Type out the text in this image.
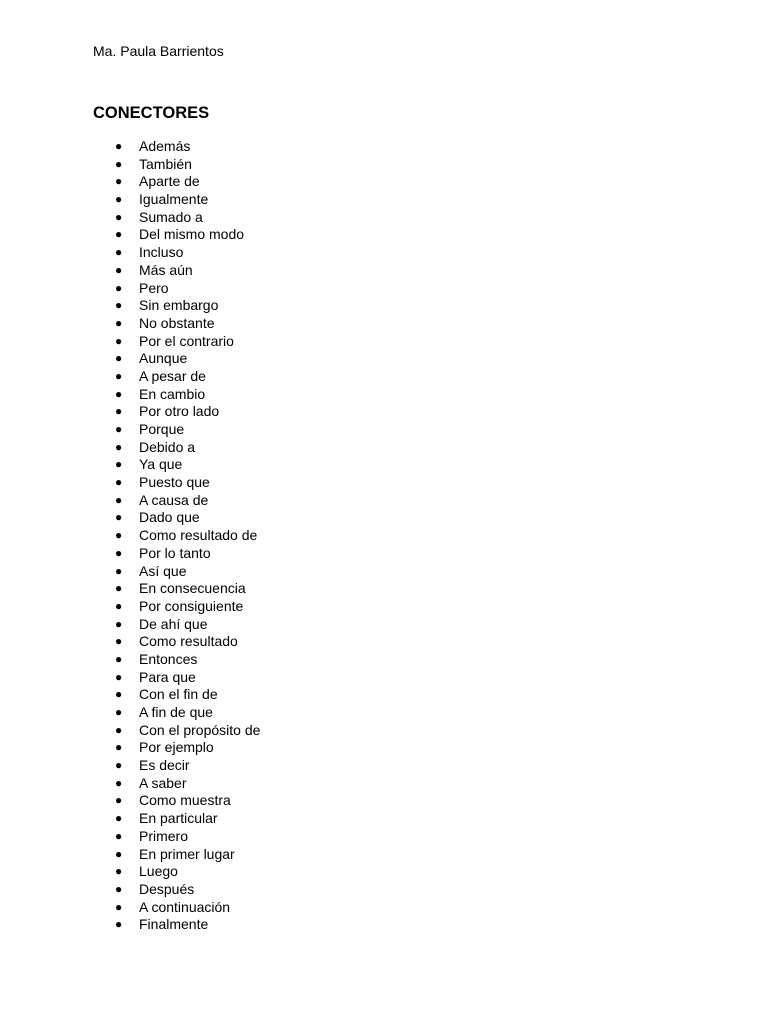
Ma. Paula Barrientos

CONECTORES
● Además
● También
● Aparte de
● Igualmente
● Sumado a
● Del mismo modo
● Incluso
● Más aún
● Pero
● Sin embargo
● No obstante
● Por el contrario
● Aunque
● A pesar de
● En cambio
● Por otro lado
● Porque
● Debido a
● Ya que
● Puesto que
● A causa de
● Dado que
● Como resultado de
● Por lo tanto
● Así que
● En consecuencia
● Por consiguiente
● De ahí que
● Como resultado
● Entonces
● Para que
● Con el fin de
● A fin de que
● Con el propósito de
● Por ejemplo
● Es decir
● A saber
● Como muestra
● En particular
● Primero
● En primer lugar
● Luego
● Después
● A continuación
● Finalmente
